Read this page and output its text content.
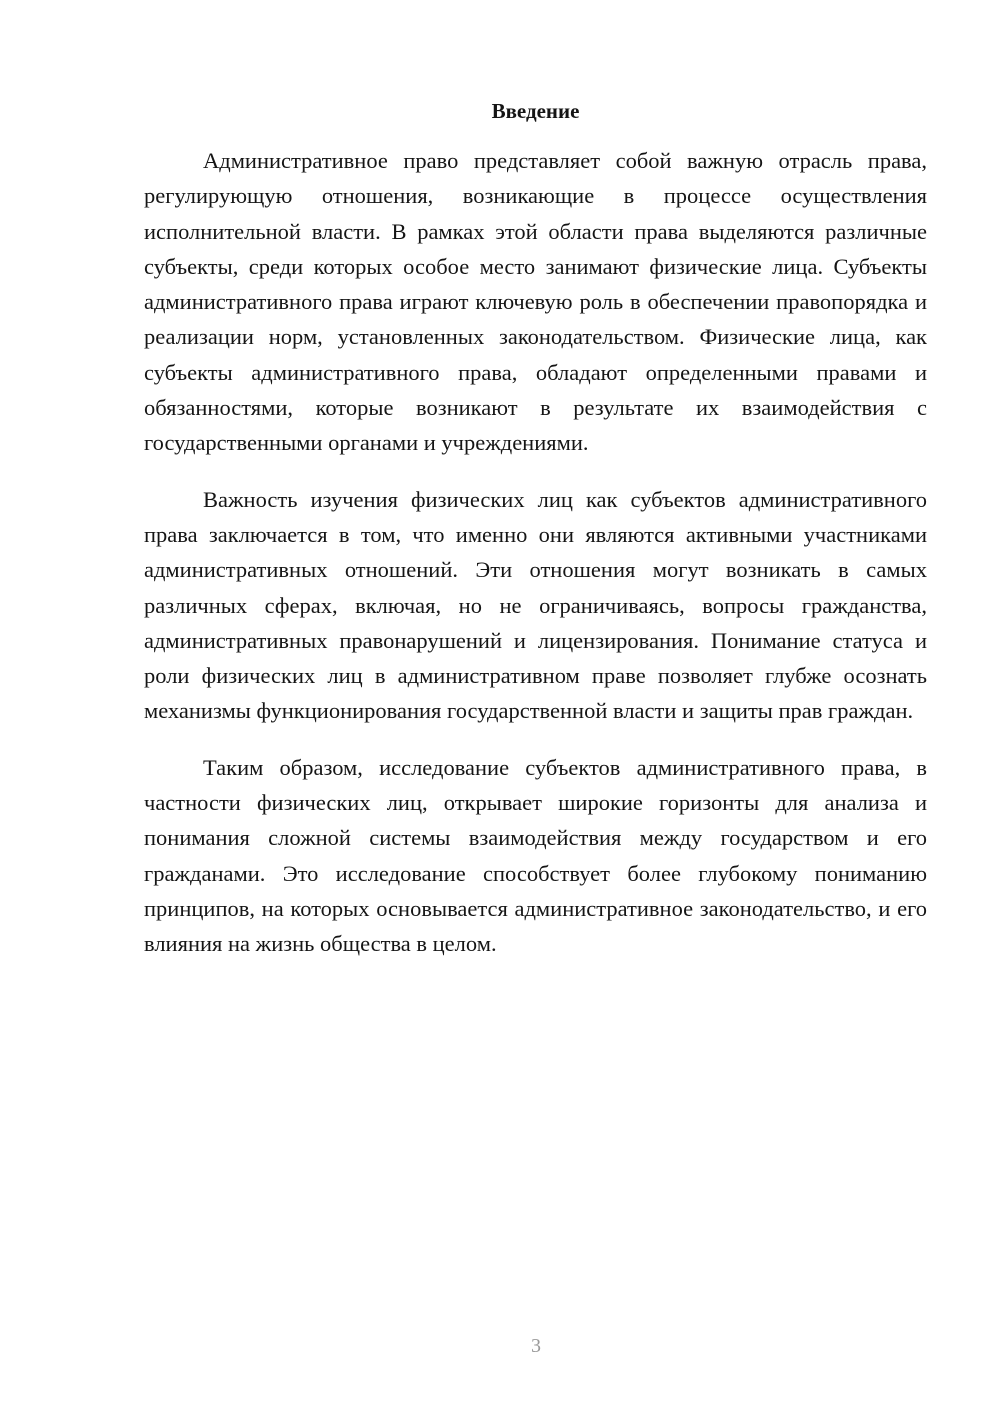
Введение

Административное право представляет собой важную отрасль права, регулирующую отношения, возникающие в процессе осуществления исполнительной власти. В рамках этой области права выделяются различные субъекты, среди которых особое место занимают физические лица. Субъекты административного права играют ключевую роль в обеспечении правопорядка и реализации норм, установленных законодательством. Физические лица, как субъекты административного права, обладают определенными правами и обязанностями, которые возникают в результате их взаимодействия с государственными органами и учреждениями.

Важность изучения физических лиц как субъектов административного права заключается в том, что именно они являются активными участниками административных отношений. Эти отношения могут возникать в самых различных сферах, включая, но не ограничиваясь, вопросы гражданства, административных правонарушений и лицензирования. Понимание статуса и роли физических лиц в административном праве позволяет глубже осознать механизмы функционирования государственной власти и защиты прав граждан.

Таким образом, исследование субъектов административного права, в частности физических лиц, открывает широкие горизонты для анализа и понимания сложной системы взаимодействия между государством и его гражданами. Это исследование способствует более глубокому пониманию принципов, на которых основывается административное законодательство, и его влияния на жизнь общества в целом.

3
